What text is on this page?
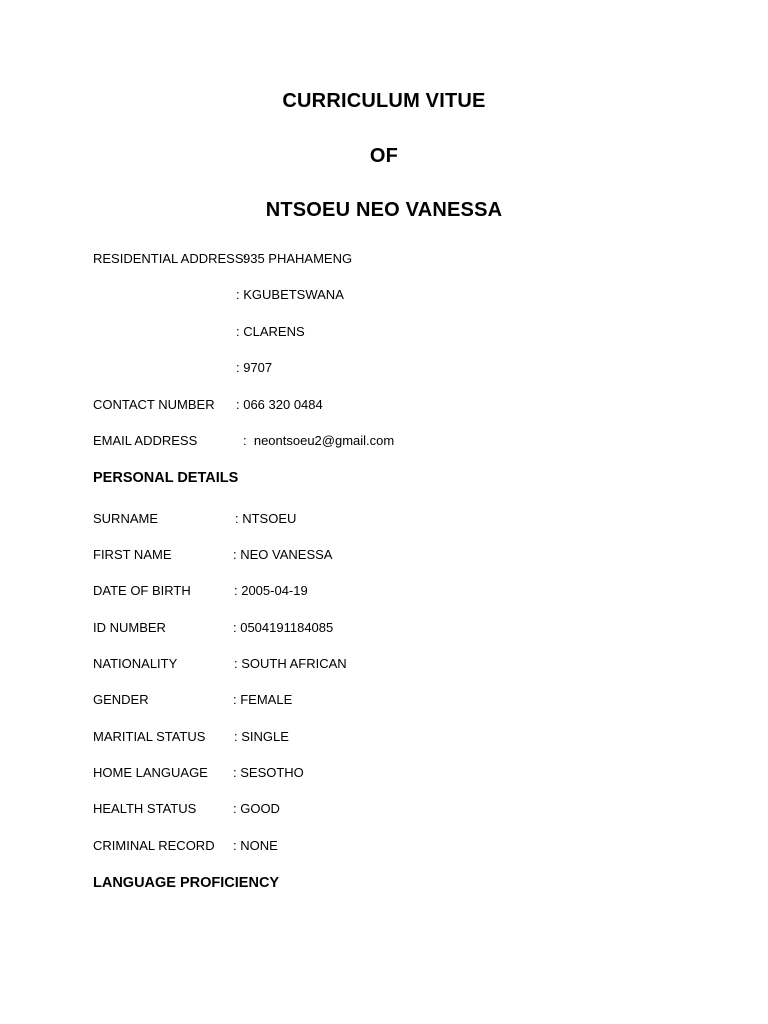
CURRICULUM VITUE
OF
NTSOEU NEO VANESSA

RESIDENTIAL ADDRESS:

935 PHAHAMENG

: KGUBETSWANA

: CLARENS

: 9707

CONTACT NUMBER

: 066 320 0484

EMAIL ADDRESS

	:  neontsoeu2@gmail.com

PERSONAL DETAILS

SURNAME

	: NTSOEU

FIRST NAME

	: NEO VANESSA

DATE OF BIRTH

	: 2005-04-19

ID NUMBER

	: 0504191184085

NATIONALITY

	: SOUTH AFRICAN

GENDER

	: FEMALE

MARITIAL STATUS

: SINGLE

HOME LANGUAGE

: SESOTHO

HEALTH STATUS

	: GOOD

CRIMINAL RECORD

: NONE

LANGUAGE PROFICIENCY
